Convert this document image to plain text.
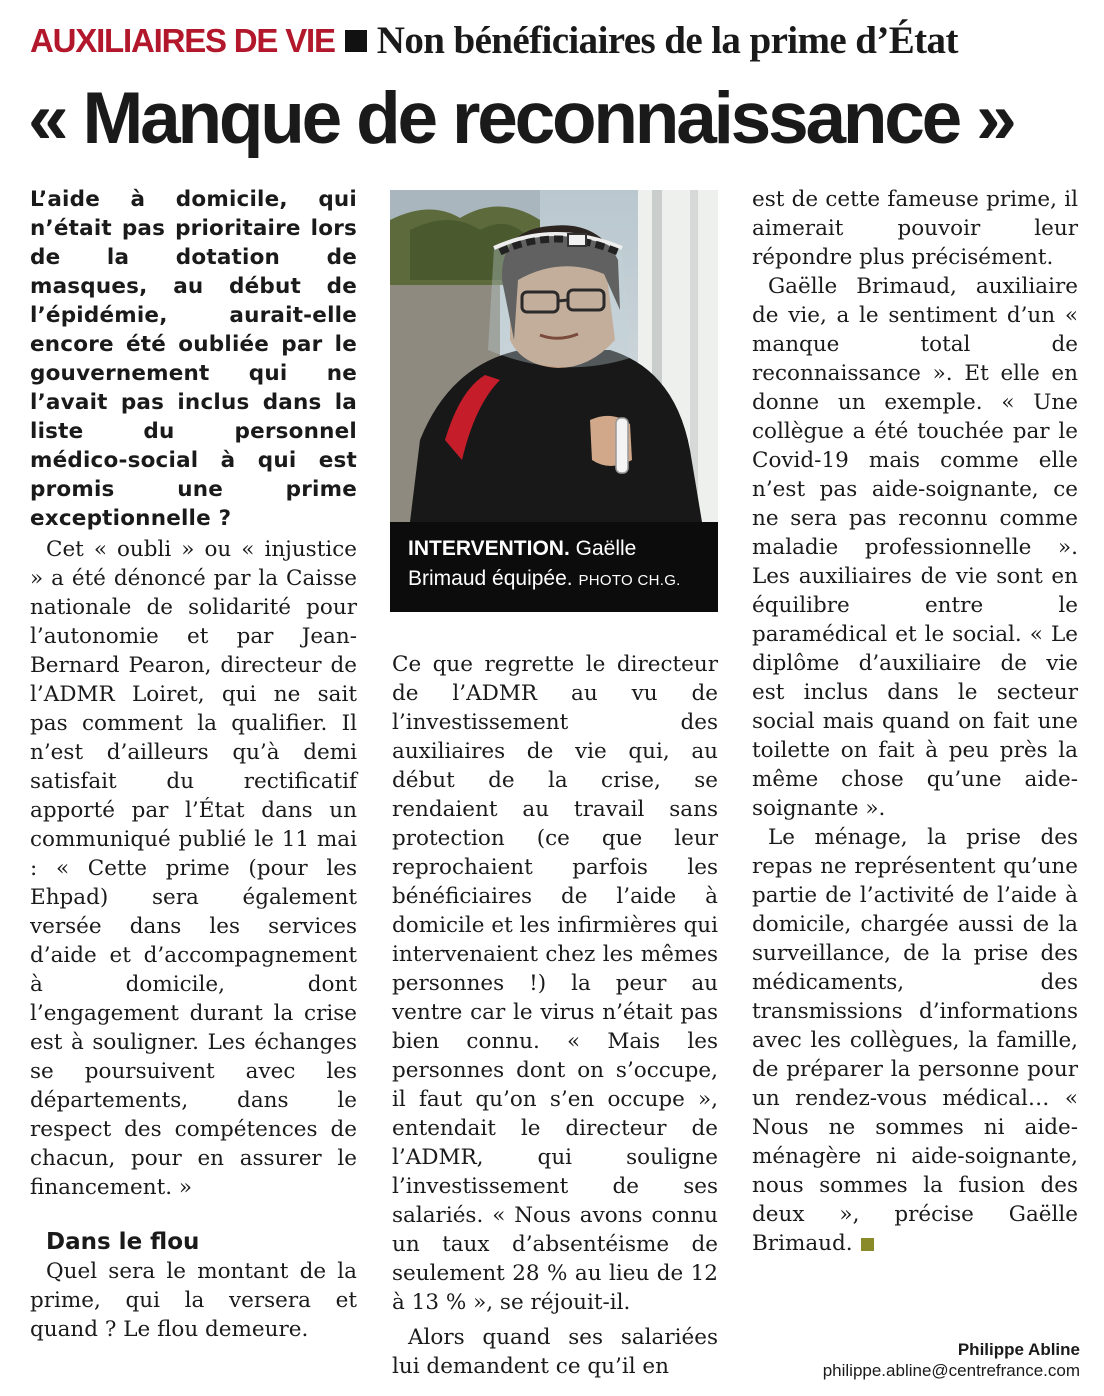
AUXILIAIRES DE VIE Non bénéficiaires de la prime d’État
« Manque de reconnaissance »
L’aide à domicile, qui n’était pas prioritaire lors de la dotation de masques, au début de l’épidémie, aurait-elle encore été oubliée par le gouvernement qui ne l’avait pas inclus dans la liste du personnel médico-social à qui est promis une prime exceptionnelle ?

Cet « oubli » ou « injustice » a été dénoncé par la Caisse nationale de solidarité pour l’autonomie et par Jean-Bernard Pearon, directeur de l’ADMR Loiret, qui ne sait pas comment la qualifier. Il n’est d’ailleurs qu’à demi satisfait du rectificatif apporté par l’État dans un communiqué publié le 11 mai : « Cette prime (pour les Ehpad) sera également versée dans les services d’aide et d’accompagnement à domicile, dont l’engagement durant la crise est à souligner. Les échanges se poursuivent avec les départements, dans le respect des compétences de chacun, pour en assurer le financement. »

Dans le flou

Quel sera le montant de la prime, qui la versera et quand ? Le flou demeure.

INTERVENTION. Gaëlle Brimaud équipée. PHOTO CH.G.

Ce que regrette le directeur de l’ADMR au vu de l’investissement des auxiliaires de vie qui, au début de la crise, se rendaient au travail sans protection (ce que leur reprochaient parfois les bénéficiaires de l’aide à domicile et les infirmières qui intervenaient chez les mêmes personnes !) la peur au ventre car le virus n’était pas bien connu. « Mais les personnes dont on s’occupe, il faut qu’on s’en occupe », entendait le directeur de l’ADMR, qui souligne l’investissement de ses salariés. « Nous avons connu un taux d’absentéisme de seulement 28 % au lieu de 12 à 13 % », se réjouit-il.

Alors quand ses salariées lui demandent ce qu’il en

est de cette fameuse prime, il aimerait pouvoir leur répondre plus précisément.

Gaëlle Brimaud, auxiliaire de vie, a le sentiment d’un « manque total de reconnaissance ». Et elle en donne un exemple. « Une collègue a été touchée par le Covid-19 mais comme elle n’est pas aide-soignante, ce ne sera pas reconnu comme maladie professionnelle ». Les auxiliaires de vie sont en équilibre entre le paramédical et le social. « Le diplôme d’auxiliaire de vie est inclus dans le secteur social mais quand on fait une toilette on fait à peu près la même chose qu’une aide-soignante ».

Le ménage, la prise des repas ne représentent qu’une partie de l’activité de l’aide à domicile, chargée aussi de la surveillance, de la prise des médicaments, des transmissions d’informations avec les collègues, la famille, de préparer la personne pour un rendez-vous médical… « Nous ne sommes ni aide-ménagère ni aide-soignante, nous sommes la fusion des deux », précise Gaëlle Brimaud.

Philippe Abline
philippe.abline@centrefrance.com
